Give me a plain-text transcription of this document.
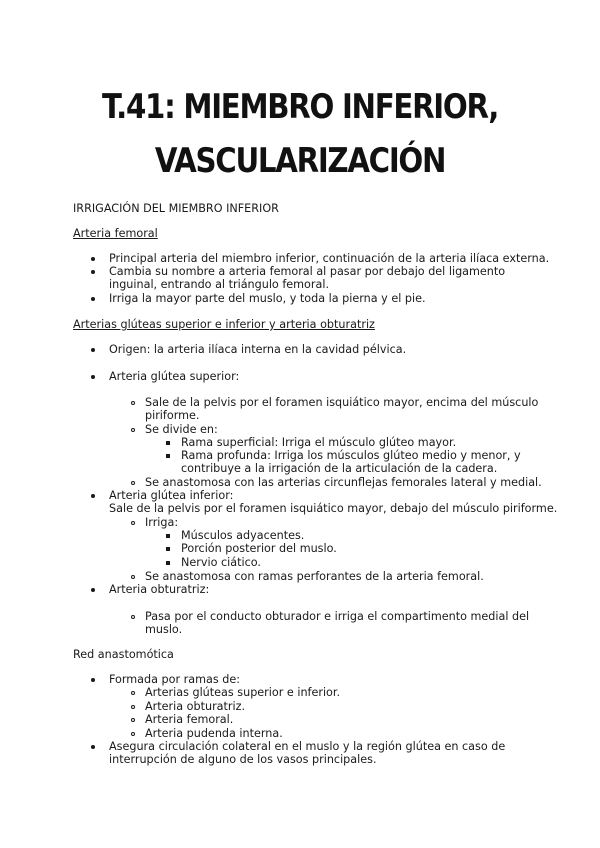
T.41: MIEMBRO INFERIOR,
VASCULARIZACIÓN
IRRIGACIÓN DEL MIEMBRO INFERIOR
Arteria femoral
Principal arteria del miembro inferior, continuación de la arteria ilíaca externa.
Cambia su nombre a arteria femoral al pasar por debajo del ligamento
inguinal, entrando al triángulo femoral.
Irriga la mayor parte del muslo, y toda la pierna y el pie.
Arterias glúteas superior e inferior y arteria obturatriz
Origen: la arteria ilíaca interna en la cavidad pélvica.
Arteria glútea superior:
Sale de la pelvis por el foramen isquiático mayor, encima del músculo
piriforme.
Se divide en:
Rama superficial: Irriga el músculo glúteo mayor.
Rama profunda: Irriga los músculos glúteo medio y menor, y
contribuye a la irrigación de la articulación de la cadera.
Se anastomosa con las arterias circunflejas femorales lateral y medial.
Arteria glútea inferior:
Sale de la pelvis por el foramen isquiático mayor, debajo del músculo piriforme.
Irriga:
Músculos adyacentes.
Porción posterior del muslo.
Nervio ciático.
Se anastomosa con ramas perforantes de la arteria femoral.
Arteria obturatriz:
Pasa por el conducto obturador e irriga el compartimento medial del
muslo.
Red anastomótica
Formada por ramas de:
Arterias glúteas superior e inferior.
Arteria obturatriz.
Arteria femoral.
Arteria pudenda interna.
Asegura circulación colateral en el muslo y la región glútea en caso de
interrupción de alguno de los vasos principales.
